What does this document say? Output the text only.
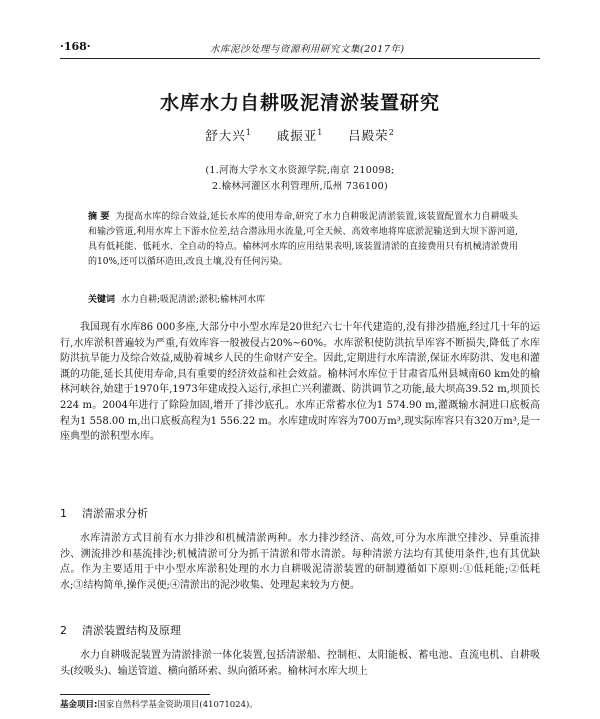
·168·	水库泥沙处理与资源利用研究文集(2017年)
水库水力自耕吸泥清淤装置研究
舒大兴$^1$ 戚振亚$^1$ 吕殿荣$^2$
(1.河海大学水文水资源学院,南京 210098;
2.榆林河灌区水利管理所,瓜州 736100)
摘 要 为提高水库的综合效益,延长水库的使用寿命,研究了水力自耕吸泥清淤装置,该装置配置水力自耕吸头和输沙管道,利用水库上下游水位差,结合潜泳用水流量,可全天候、高效率地将库底淤泥输送到大坝下游河道,具有低耗能、低耗水、全自动的特点。榆林河水库的应用结果表明,该装置清淤的直接费用只有机械清淤费用的10%,还可以循环造田,改良土壤,没有任何污染。
关键词 水力自耕;吸泥清淤;淤积;榆林河水库
我国现有水库86 000多座,大部分中小型水库是20世纪六七十年代建造的,没有排沙措施,经过几十年的运行,水库淤积普遍较为严重,有效库容一般被侵占20%~60%。水库淤积使防洪抗旱库容不断损失,降低了水库防洪抗旱能力及综合效益,威胁着城乡人民的生命财产安全。因此,定期进行水库清淤,保证水库防洪、发电和灌溉的功能,延长其使用寿命,具有重要的经济效益和社会效益。榆林河水库位于甘肃省瓜州县城南60 km处的榆林河峡谷,始建于1970年,1973年建成投入运行,承担亡兴利灌溉、防洪调节之功能,最大坝高39.52 m,坝顶长224 m。2004年进行了除险加固,增开了排沙底孔。水库正常蓄水位为1 574.90 m,灌溉输水洞进口底板高程为1 558.00 m,出口底板高程为1 556.22 m。水库建成时库容为700万m³,现实际库容只有320万m³,是一座典型的淤积型水库。
1 清淤需求分析
水库清淤方式目前有水力排沙和机械清淤两种。水力排沙经济、高效,可分为水库泄空排沙、异重流排沙、溯流排沙和基流排沙;机械清淤可分为抓干清淤和带水清淤。每种清淤方法均有其使用条件,也有其优缺点。作为主要适用于中小型水库淤积处理的水力自耕吸泥清淤装置的研制遵循如下原则:①低耗能;②低耗水;③结构简单,操作灵便;④清淤出的泥沙收集、处理起来较为方便。
2 清淤装置结构及原理
水力自耕吸泥装置为清淤排淤一体化装置,包括清淤船、控制柜、太阳能板、蓄电池、直流电机、自耕吸头(绞吸头)、输送管道、横向循环索、纵向循环索。榆林河水库大坝上
基金项目:国家自然科学基金资助项目(41071024)。
